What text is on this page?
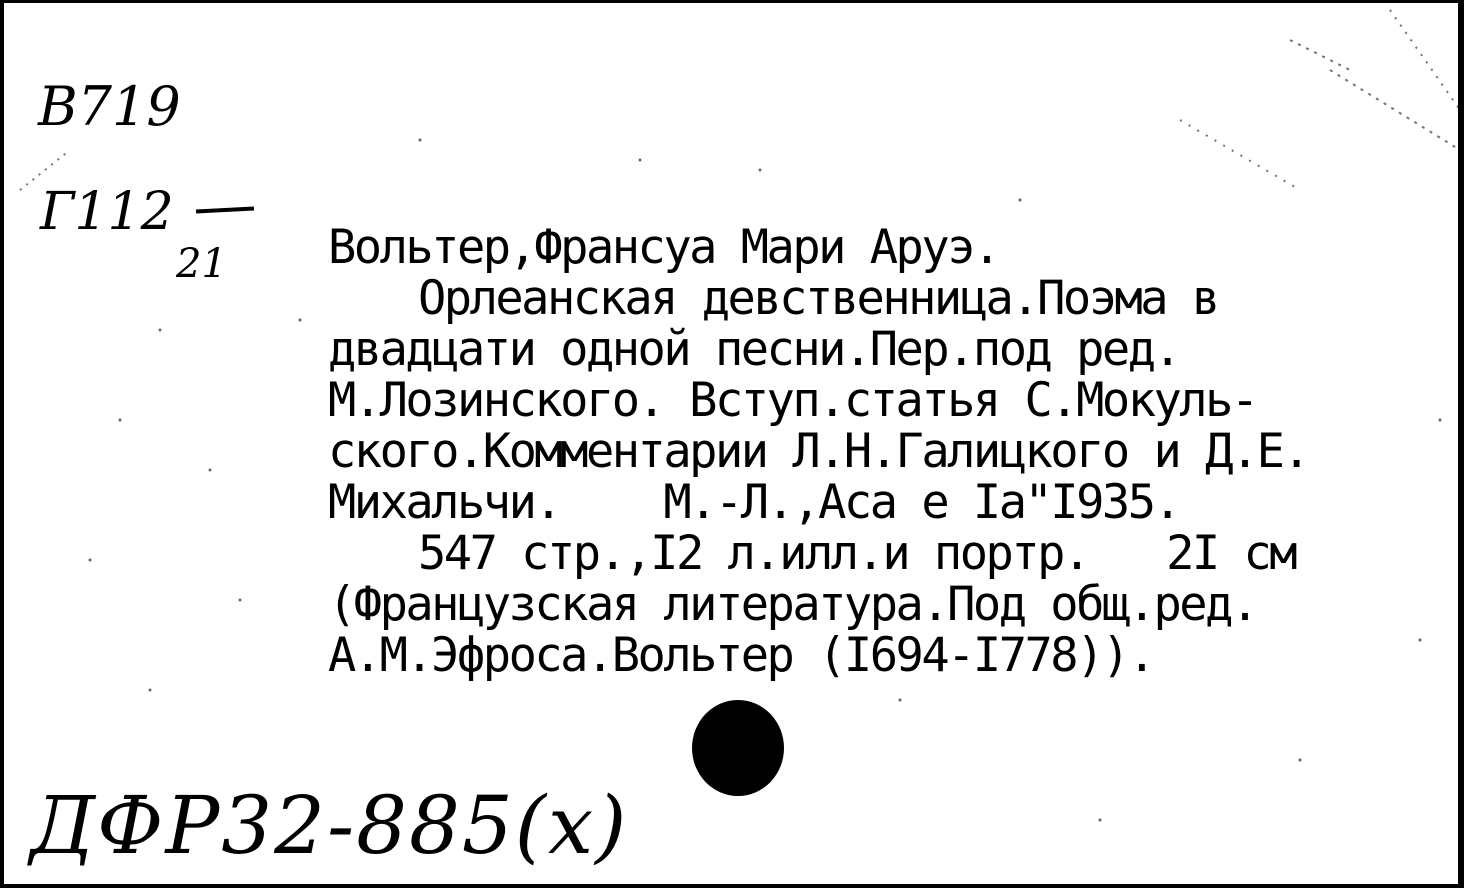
В719
Г112
21 Вольтер,Франсуа Мари Аруэ.
Орлеанская девственница.Поэма в
двадцати одной песни.Пер.под ред.
М.Лозинского. Вступ.статья С.Мокуль-
ского.Комментарии Л.Н.Галицкого и Д.Е.
Михальчи.    М.-Л.,Acа е Iа"I935.
547 стр.,I2 л.илл.и портр.   2I см
(Французская литература.Под общ.ред.
А.М.Эфроса.Вольтер (I694-I778)).
ДФР32-885(х)
